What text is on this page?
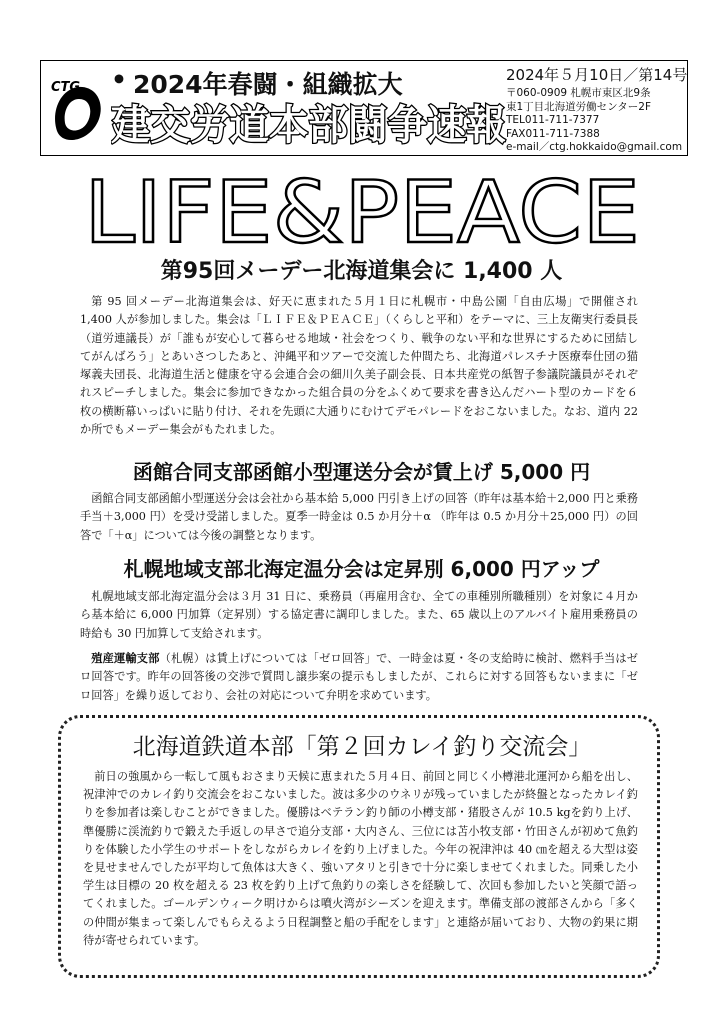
CTG • 2024年春闘・組織拡大
建交労道本部闘争速報
2024年５月10日／第14号
〒060-0909 札幌市東区北9条
東1丁目北海道労働センター2F
TEL011-711-7377
FAX011-711-7388
e-mail／ctg.hokkaido@gmail.com
LIFE&PEACE
第95回メーデー北海道集会に 1,400 人

第 95 回メーデー北海道集会は、好天に恵まれた５月１日に札幌市・中島公園「自由広場」で開催され 1,400 人が参加しました。集会は「ＬＩＦＥ＆ＰＥＡＣＥ」（くらしと平和）をテーマに、三上友衛実行委員長（道労連議長）が「誰もが安心して暮らせる地域・社会をつくり、戦争のない平和な世界にするために団結してがんばろう」とあいさつしたあと、沖縄平和ツアーで交流した仲間たち、北海道パレスチナ医療奉仕団の猫塚義夫団長、北海道生活と健康を守る会連合会の細川久美子副会長、日本共産党の紙智子参議院議員がそれぞれスピーチしました。集会に参加できなかった組合員の分をふくめて要求を書き込んだハート型のカードを６枚の横断幕いっぱいに貼り付け、それを先頭に大通りにむけてデモパレードをおこないました。なお、道内 22 か所でもメーデー集会がもたれました。

函館合同支部函館小型運送分会が賃上げ 5,000 円

函館合同支部函館小型運送分会は会社から基本給 5,000 円引き上げの回答（昨年は基本給＋2,000 円と乗務手当＋3,000 円）を受け受諾しました。夏季一時金は 0.5 か月分＋α （昨年は 0.5 か月分＋25,000 円）の回答で「＋α」については今後の調整となります。

札幌地域支部北海定温分会は定昇別 6,000 円アップ

札幌地域支部北海定温分会は３月 31 日に、乗務員（再雇用含む、全ての車種別所職種別）を対象に４月から基本給に 6,000 円加算（定昇別）する協定書に調印しました。また、65 歳以上のアルバイト雇用乗務員の時給も 30 円加算して支給されます。

殖産運輸支部（札幌）は賃上げについては「ゼロ回答」で、一時金は夏・冬の支給時に検討、燃料手当はゼロ回答です。昨年の回答後の交渉で質問し譲歩案の提示もしましたが、これらに対する回答もないままに「ゼロ回答」を繰り返しており、会社の対応について弁明を求めています。

北海道鉄道本部「第２回カレイ釣り交流会」

前日の強風から一転して風もおさまり天候に恵まれた５月４日、前回と同じく小樽港北運河から船を出し、祝津沖でのカレイ釣り交流会をおこないました。波は多少のウネリが残っていましたが終盤となったカレイ釣りを参加者は楽しむことができました。優勝はベテラン釣り師の小樽支部・猪股さんが 10.5 kgを釣り上げ、準優勝に渓流釣りで鍛えた手返しの早さで追分支部・大内さん、三位には苫小牧支部・竹田さんが初めて魚釣りを体験した小学生のサポートをしながらカレイを釣り上げました。今年の祝津沖は 40 ㎝を超える大型は姿を見せませんでしたが平均して魚体は大きく、強いアタリと引きで十分に楽しませてくれました。同乗した小学生は目標の 20 枚を超える 23 枚を釣り上げて魚釣りの楽しさを経験して、次回も参加したいと笑顔で語ってくれました。ゴールデンウィーク明けからは噴火湾がシーズンを迎えます。準備支部の渡部さんから「多くの仲間が集まって楽しんでもらえるよう日程調整と船の手配をします」と連絡が届いており、大物の釣果に期待が寄せられています。
